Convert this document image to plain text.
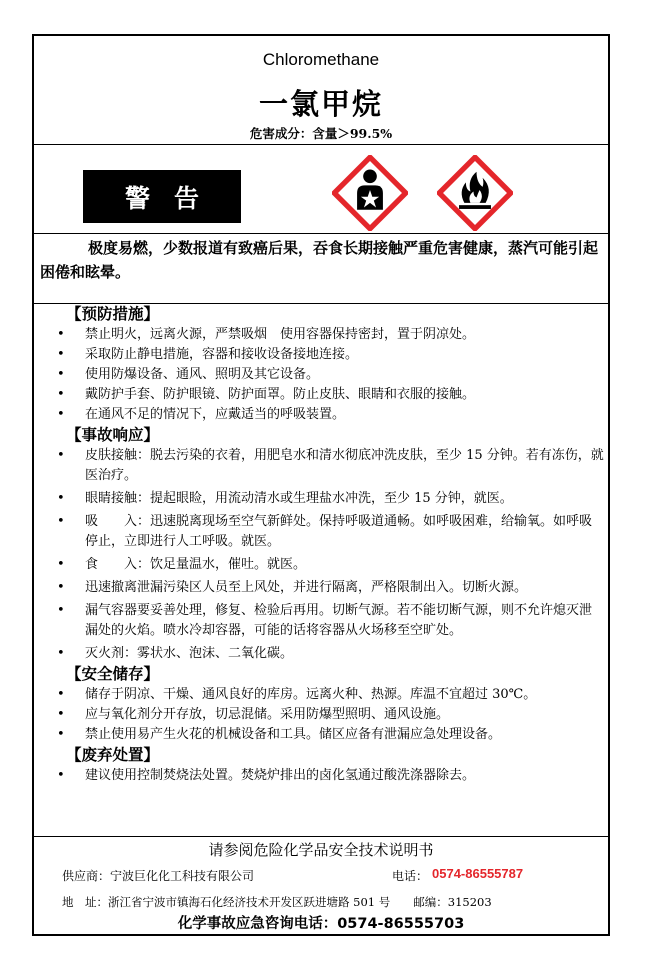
Chloromethane
一氯甲烷
危害成分：含量＞99.5%
警告
极度易燃，少数报道有致癌后果，吞食长期接触严重危害健康，蒸汽可能引起困倦和眩晕。
【预防措施】
• 禁止明火，远离火源，严禁吸烟　使用容器保持密封，置于阴凉处。
• 采取防止静电措施，容器和接收设备接地连接。
• 使用防爆设备、通风、照明及其它设备。
• 戴防护手套、防护眼镜、防护面罩。防止皮肤、眼睛和衣服的接触。
• 在通风不足的情况下，应戴适当的呼吸装置。
【事故响应】
• 皮肤接触：脱去污染的衣着，用肥皂水和清水彻底冲洗皮肤，至少 15 分钟。若有冻伤，就医治疗。
• 眼睛接触：提起眼睑，用流动清水或生理盐水冲洗，至少 15 分钟，就医。
• 吸　　入：迅速脱离现场至空气新鲜处。保持呼吸道通畅。如呼吸困难，给输氧。如呼吸停止，立即进行人工呼吸。就医。
• 食　　入：饮足量温水，催吐。就医。
• 迅速撤离泄漏污染区人员至上风处，并进行隔离，严格限制出入。切断火源。
• 漏气容器要妥善处理，修复、检验后再用。切断气源。若不能切断气源，则不允许熄灭泄漏处的火焰。喷水冷却容器，可能的话将容器从火场移至空旷处。
• 灭火剂：雾状水、泡沫、二氧化碳。
【安全储存】
• 储存于阴凉、干燥、通风良好的库房。远离火种、热源。库温不宜超过 30℃。
• 应与氧化剂分开存放，切忌混储。采用防爆型照明、通风设施。
• 禁止使用易产生火花的机械设备和工具。储区应备有泄漏应急处理设备。
【废弃处置】
• 建议使用控制焚烧法处置。焚烧炉排出的卤化氢通过酸洗涤器除去。
请参阅危险化学品安全技术说明书
供应商：宁波巨化化工科技有限公司	电话： 0574-86555787
地　址：浙江省宁波市镇海石化经济技术开发区跃进塘路 501 号　　邮编：315203
化学事故应急咨询电话：0574-86555703
